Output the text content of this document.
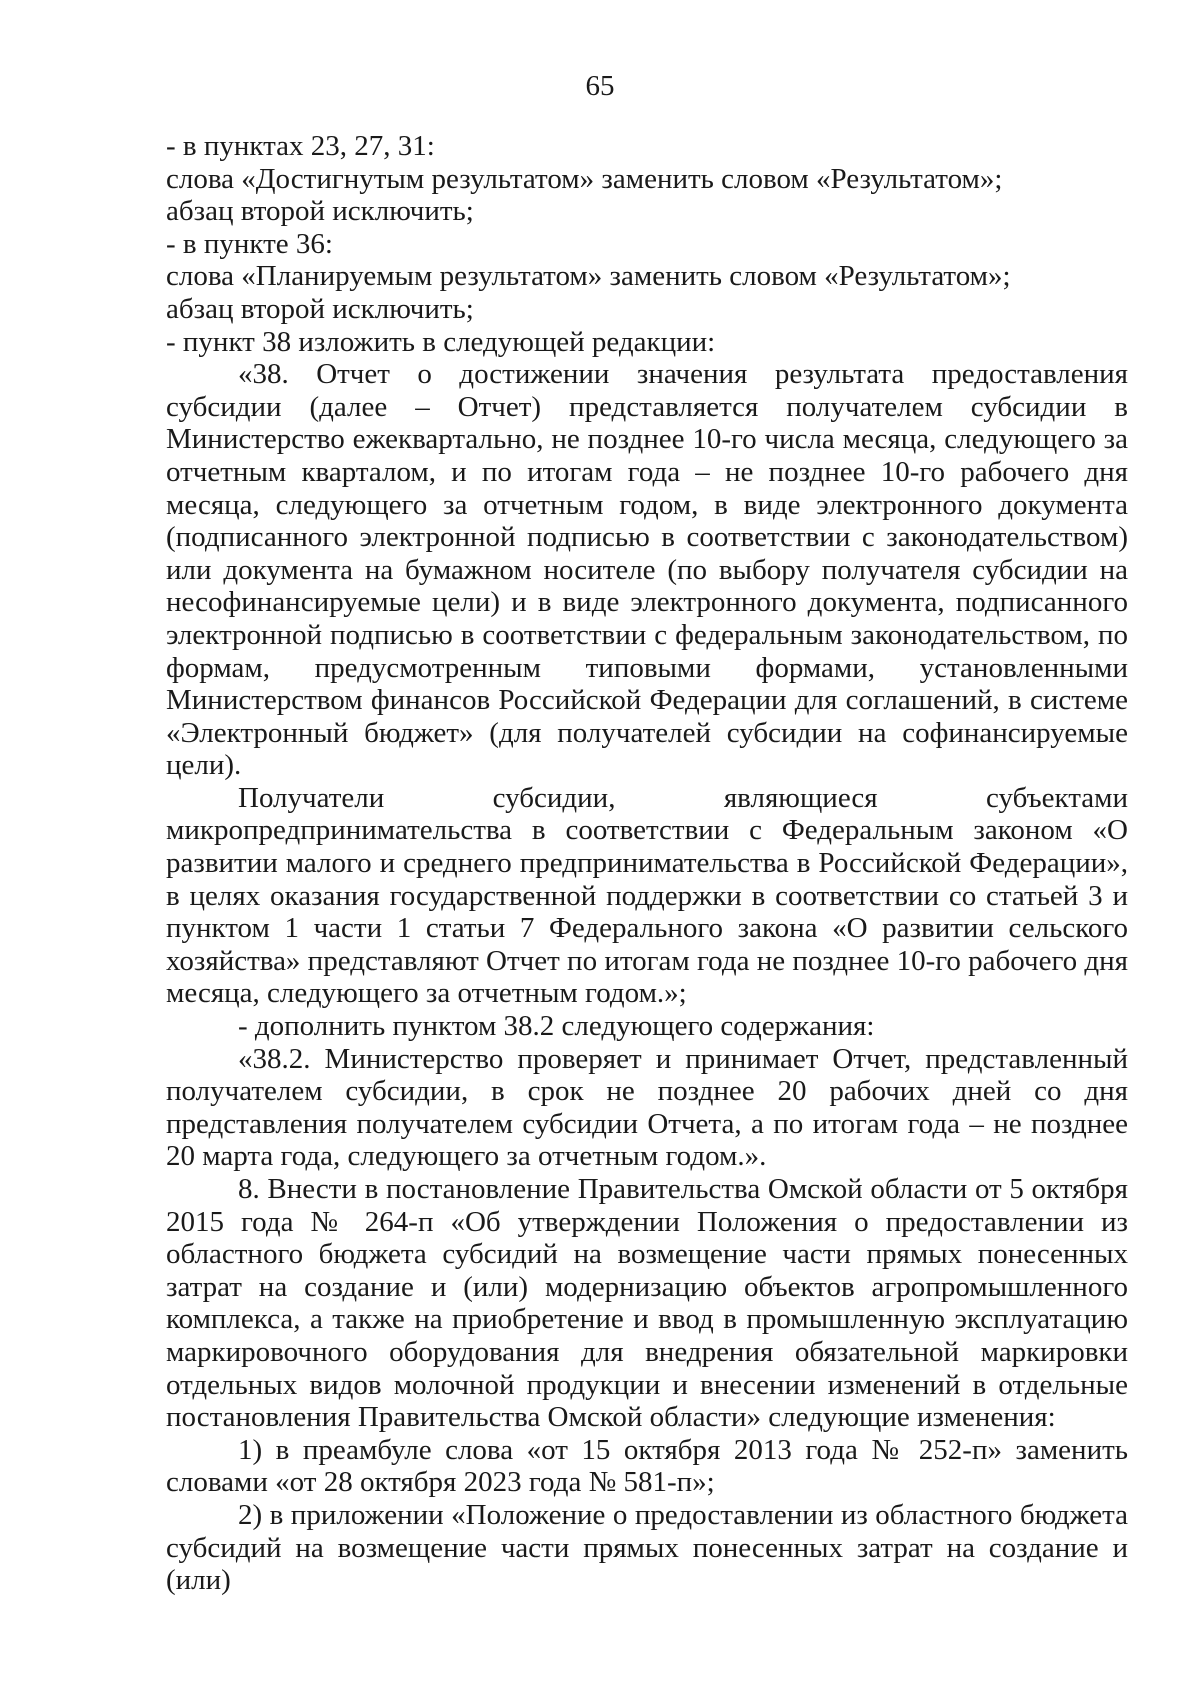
65

- в пунктах 23, 27, 31:

слова «Достигнутым результатом» заменить словом «Результатом»;

абзац второй исключить;

- в пункте 36:

слова «Планируемым результатом» заменить словом «Результатом»;

абзац второй исключить;

- пункт 38 изложить в следующей редакции:

«38. Отчет о достижении значения результата предоставления субсидии (далее – Отчет) представляется получателем субсидии в Министерство ежеквартально, не позднее 10-го числа месяца, следующего за отчетным кварталом, и по итогам года – не позднее 10-го рабочего дня месяца, следующего за отчетным годом, в виде электронного документа (подписанного электронной подписью в соответствии с законодательством) или документа на бумажном носителе (по выбору получателя субсидии на несофинансируемые цели) и в виде электронного документа, подписанного электронной подписью в соответствии с федеральным законодательством, по формам, предусмотренным типовыми формами, установленными Министерством финансов Российской Федерации для соглашений, в системе «Электронный бюджет» (для получателей субсидии на софинансируемые цели).

Получатели субсидии, являющиеся субъектами микропредпринимательства в соответствии с Федеральным законом «О развитии малого и среднего предпринимательства в Российской Федерации», в целях оказания государственной поддержки в соответствии со статьей 3 и пунктом 1 части 1 статьи 7 Федерального закона «О развитии сельского хозяйства» представляют Отчет по итогам года не позднее 10-го рабочего дня месяца, следующего за отчетным годом.»;

- дополнить пунктом 38.2 следующего содержания:

«38.2. Министерство проверяет и принимает Отчет, представленный получателем субсидии, в срок не позднее 20 рабочих дней со дня представления получателем субсидии Отчета, а по итогам года – не позднее 20 марта года, следующего за отчетным годом.».

8. Внести в постановление Правительства Омской области от 5 октября 2015 года № 264-п «Об утверждении Положения о предоставлении из областного бюджета субсидий на возмещение части прямых понесенных затрат на создание и (или) модернизацию объектов агропромышленного комплекса, а также на приобретение и ввод в промышленную эксплуатацию маркировочного оборудования для внедрения обязательной маркировки отдельных видов молочной продукции и внесении изменений в отдельные постановления Правительства Омской области» следующие изменения:

1) в преамбуле слова «от 15 октября 2013 года № 252-п» заменить словами «от 28 октября 2023 года № 581-п»;

2) в приложении «Положение о предоставлении из областного бюджета субсидий на возмещение части прямых понесенных затрат на создание и (или)
